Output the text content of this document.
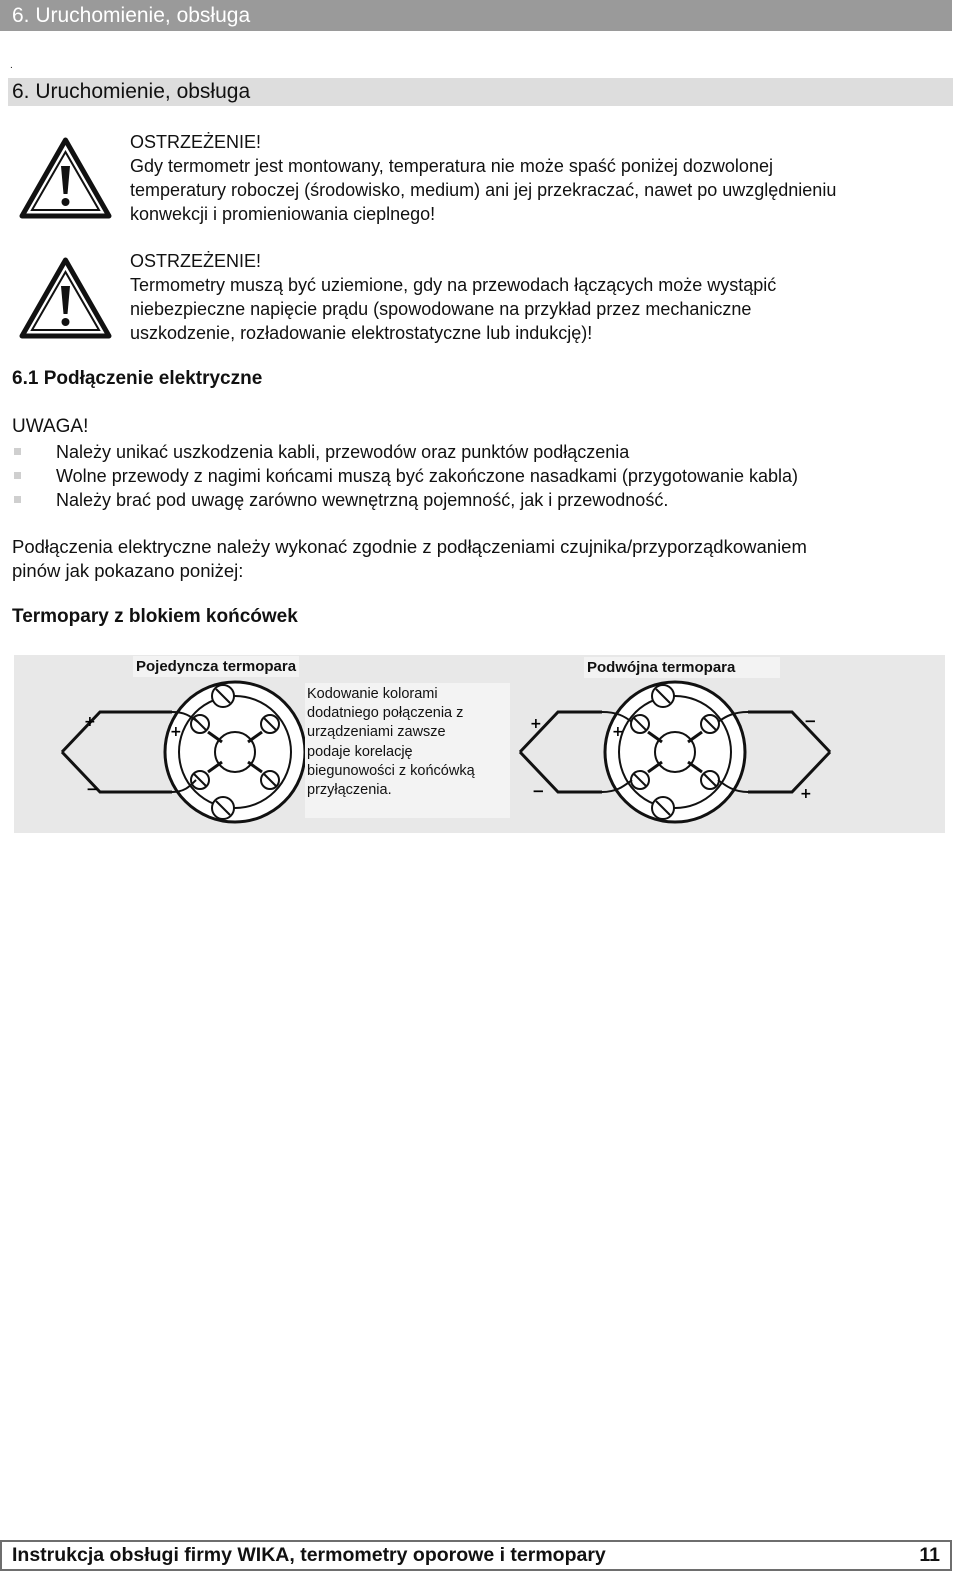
6. Uruchomienie, obsługa
.
6. Uruchomienie, obsługa
OSTRZEŻENIE!
Gdy termometr jest montowany, temperatura nie może spaść poniżej dozwolonej
temperatury roboczej (środowisko, medium) ani jej przekraczać, nawet po uwzględnieniu
konwekcji i promieniowania cieplnego!
OSTRZEŻENIE!
Termometry muszą być uziemione, gdy na przewodach łączących może wystąpić
niebezpieczne napięcie prądu (spowodowane na przykład przez mechaniczne
uszkodzenie, rozładowanie elektrostatyczne lub indukcję)!
6.1 Podłączenie elektryczne
UWAGA!
Należy unikać uszkodzenia kabli, przewodów oraz punktów podłączenia
Wolne przewody z nagimi końcami muszą być zakończone nasadkami (przygotowanie kabla)
Należy brać pod uwagę zarówno wewnętrzną pojemność, jak i przewodność.
Podłączenia elektryczne należy wykonać zgodnie z podłączeniami czujnika/przyporządkowaniem
pinów jak pokazano poniżej:
Termopary z blokiem końcówek
+
+
−
+	+
−
−
+
Pojedyncza termopara	Podwójna termopara
Kodowanie kolorami
dodatniego połączenia z
urządzeniami zawsze
podaje korelację
biegunowości z końcówką
przyłączenia.
Instrukcja obsługi firmy WIKA, termometry oporowe i termopary	11
